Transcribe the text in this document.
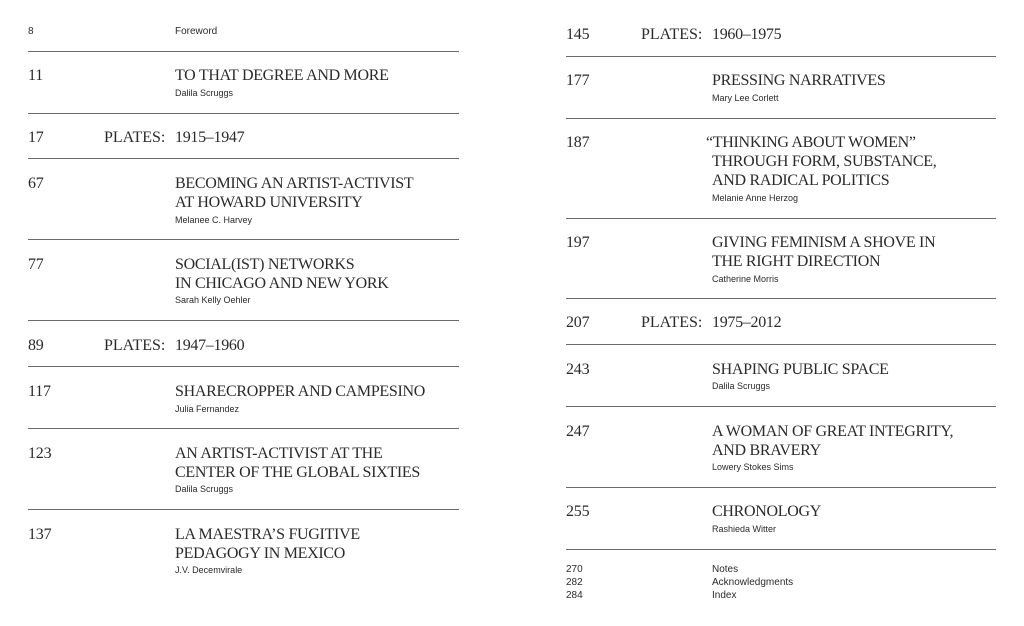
8	Foreword
11	TO THAT DEGREE AND MORE
Dalila Scruggs
17	PLATES: 1915–1947
67	BECOMING AN ARTIST-ACTIVIST
AT HOWARD UNIVERSITY
Melanee C. Harvey
77	SOCIAL(IST) NETWORKS
IN CHICAGO AND NEW YORK
Sarah Kelly Oehler
89	PLATES: 1947–1960
117	SHARECROPPER AND CAMPESINO
Julia Fernandez
123	AN ARTIST-ACTIVIST AT THE
CENTER OF THE GLOBAL SIXTIES
Dalila Scruggs
137	LA MAESTRA’S FUGITIVE
PEDAGOGY IN MEXICO
J.V. Decemvirale
145	PLATES: 1960–1975
177	PRESSING NARRATIVES
Mary Lee Corlett
187	“THINKING ABOUT WOMEN”
THROUGH FORM, SUBSTANCE,
AND RADICAL POLITICS
Melanie Anne Herzog
197	GIVING FEMINISM A SHOVE IN
THE RIGHT DIRECTION
Catherine Morris
207	PLATES: 1975–2012
243	SHAPING PUBLIC SPACE
Dalila Scruggs
247	A WOMAN OF GREAT INTEGRITY,
AND BRAVERY
Lowery Stokes Sims
255	CHRONOLOGY
Rashieda Witter
270	Notes
282	Acknowledgments
284	Index
